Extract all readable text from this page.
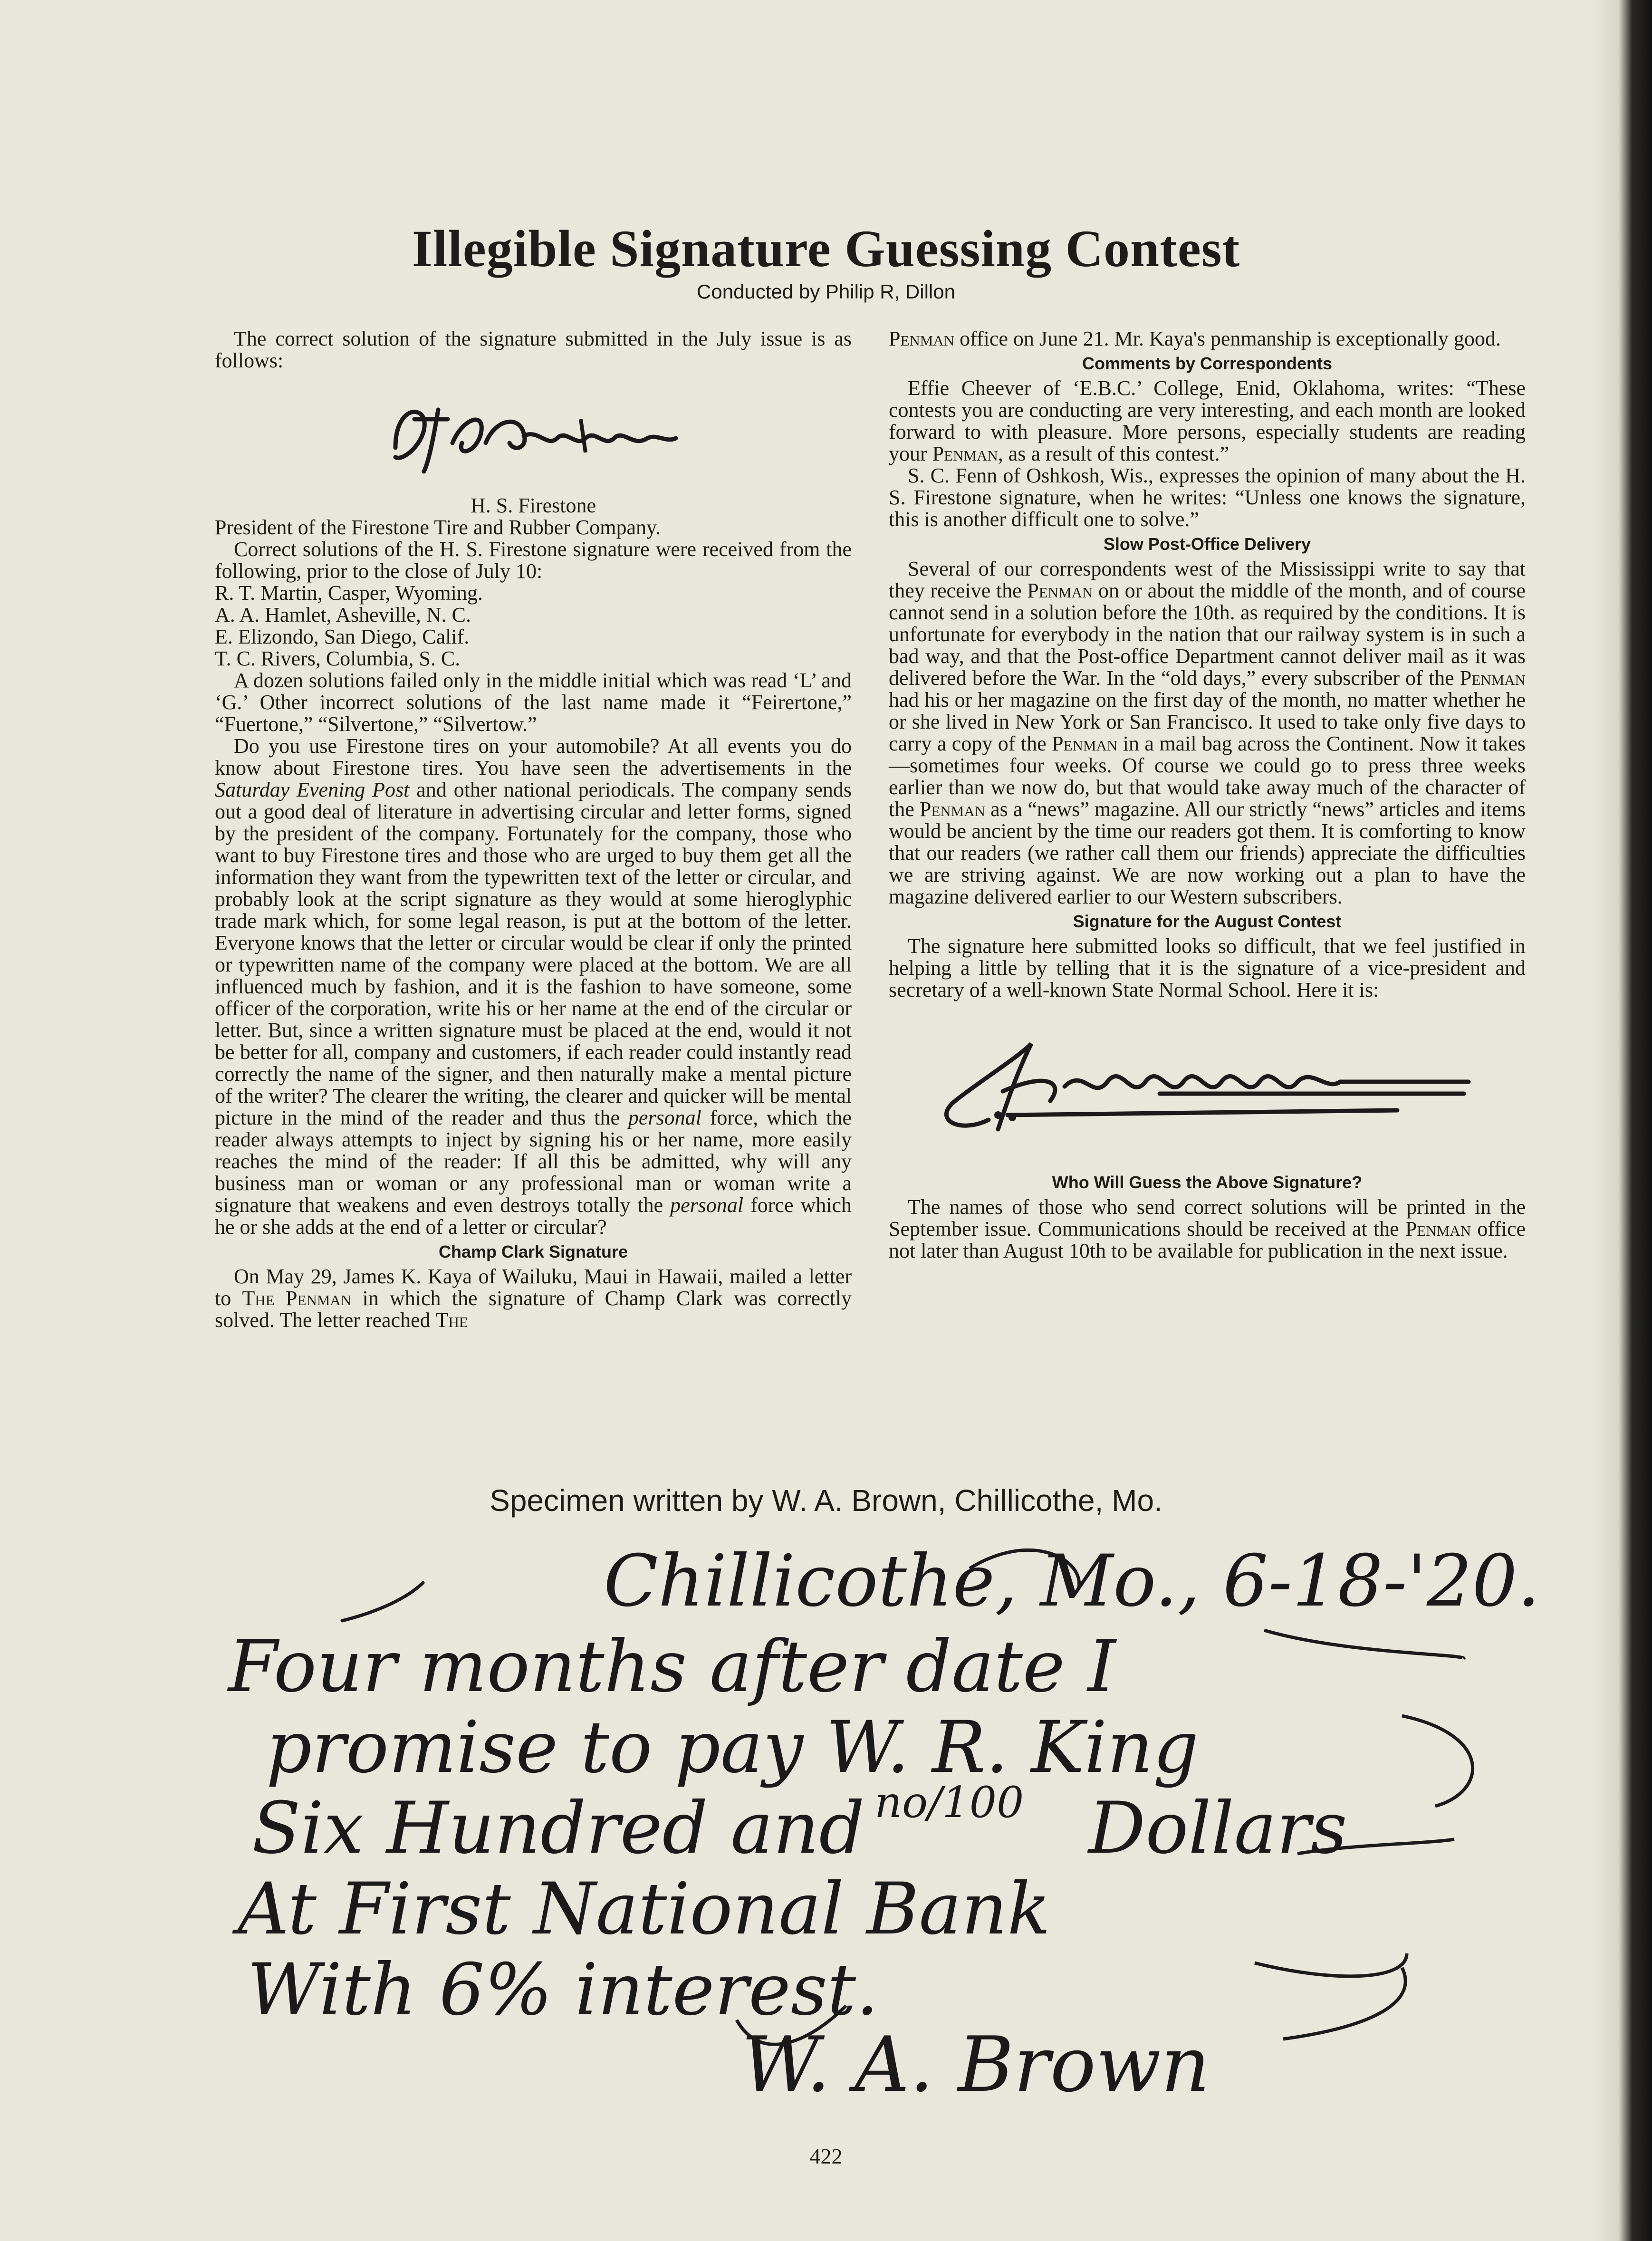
Illegible Signature Guessing Contest
Conducted by Philip R, Dillon

The correct solution of the signature submitted in the July issue is as follows:

H. S. Firestone

President of the Firestone Tire and Rubber Company.

Correct solutions of the H. S. Firestone signature were received from the following, prior to the close of July 10:

R. T. Martin, Casper, Wyoming.

A. A. Hamlet, Asheville, N. C.

E. Elizondo, San Diego, Calif.

T. C. Rivers, Columbia, S. C.

A dozen solutions failed only in the middle initial which was read ‘L’ and ‘G.’ Other incorrect solutions of the last name made it “Feirertone,” “Fuertone,” “Silvertone,” “Silvertow.”

Do you use Firestone tires on your automobile? At all events you do know about Firestone tires. You have seen the advertisements in the Saturday Evening Post and other national periodicals. The company sends out a good deal of literature in advertising circular and letter forms, signed by the president of the company. Fortunately for the company, those who want to buy Firestone tires and those who are urged to buy them get all the information they want from the typewritten text of the letter or circular, and probably look at the script signature as they would at some hieroglyphic trade mark which, for some legal reason, is put at the bottom of the letter. Everyone knows that the letter or circular would be clear if only the printed or typewritten name of the company were placed at the bottom. We are all influenced much by fashion, and it is the fashion to have someone, some officer of the corporation, write his or her name at the end of the circular or letter. But, since a written signature must be placed at the end, would it not be better for all, company and customers, if each reader could instantly read correctly the name of the signer, and then naturally make a mental picture of the writer? The clearer the writing, the clearer and quicker will be mental picture in the mind of the reader and thus the personal force, which the reader always attempts to inject by signing his or her name, more easily reaches the mind of the reader: If all this be admitted, why will any business man or woman or any professional man or woman write a signature that weakens and even destroys totally the personal force which he or she adds at the end of a letter or circular?

Champ Clark Signature

On May 29, James K. Kaya of Wailuku, Maui in Hawaii, mailed a letter to The Penman in which the signature of Champ Clark was correctly solved. The letter reached The

Penman office on June 21. Mr. Kaya's penmanship is exceptionally good.

Comments by Correspondents

Effie Cheever of ‘E.B.C.’ College, Enid, Oklahoma, writes: “These contests you are conducting are very interesting, and each month are looked forward to with pleasure. More persons, especially students are reading your Penman, as a result of this contest.”

S. C. Fenn of Oshkosh, Wis., expresses the opinion of many about the H. S. Firestone signature, when he writes: “Unless one knows the signature, this is another difficult one to solve.”

Slow Post-Office Delivery

Several of our correspondents west of the Mississippi write to say that they receive the Penman on or about the middle of the month, and of course cannot send in a solution before the 10th. as required by the conditions. It is unfortunate for everybody in the nation that our railway system is in such a bad way, and that the Post-office Department cannot deliver mail as it was delivered before the War. In the “old days,” every subscriber of the Penman had his or her magazine on the first day of the month, no matter whether he or she lived in New York or San Francisco. It used to take only five days to carry a copy of the Penman in a mail bag across the Continent. Now it takes—sometimes four weeks. Of course we could go to press three weeks earlier than we now do, but that would take away much of the character of the Penman as a “news” magazine. All our strictly “news” articles and items would be ancient by the time our readers got them. It is comforting to know that our readers (we rather call them our friends) appreciate the difficulties we are striving against. We are now working out a plan to have the magazine delivered earlier to our Western subscribers.

Signature for the August Contest

The signature here submitted looks so difficult, that we feel justified in helping a little by telling that it is the signature of a vice-president and secretary of a well-known State Normal School. Here it is:

Who Will Guess the Above Signature?

The names of those who send correct solutions will be printed in the September issue. Communications should be received at the Penman office not later than August 10th to be available for publication in the next issue.

Specimen written by W. A. Brown, Chillicothe, Mo.
Chillicothe, Mo., 6-18-'20.
Four months after date I
promise to pay W. R. King
Six Hundred and no/100 Dollars
At First National Bank
With 6% interest.
W. A. Brown
422
